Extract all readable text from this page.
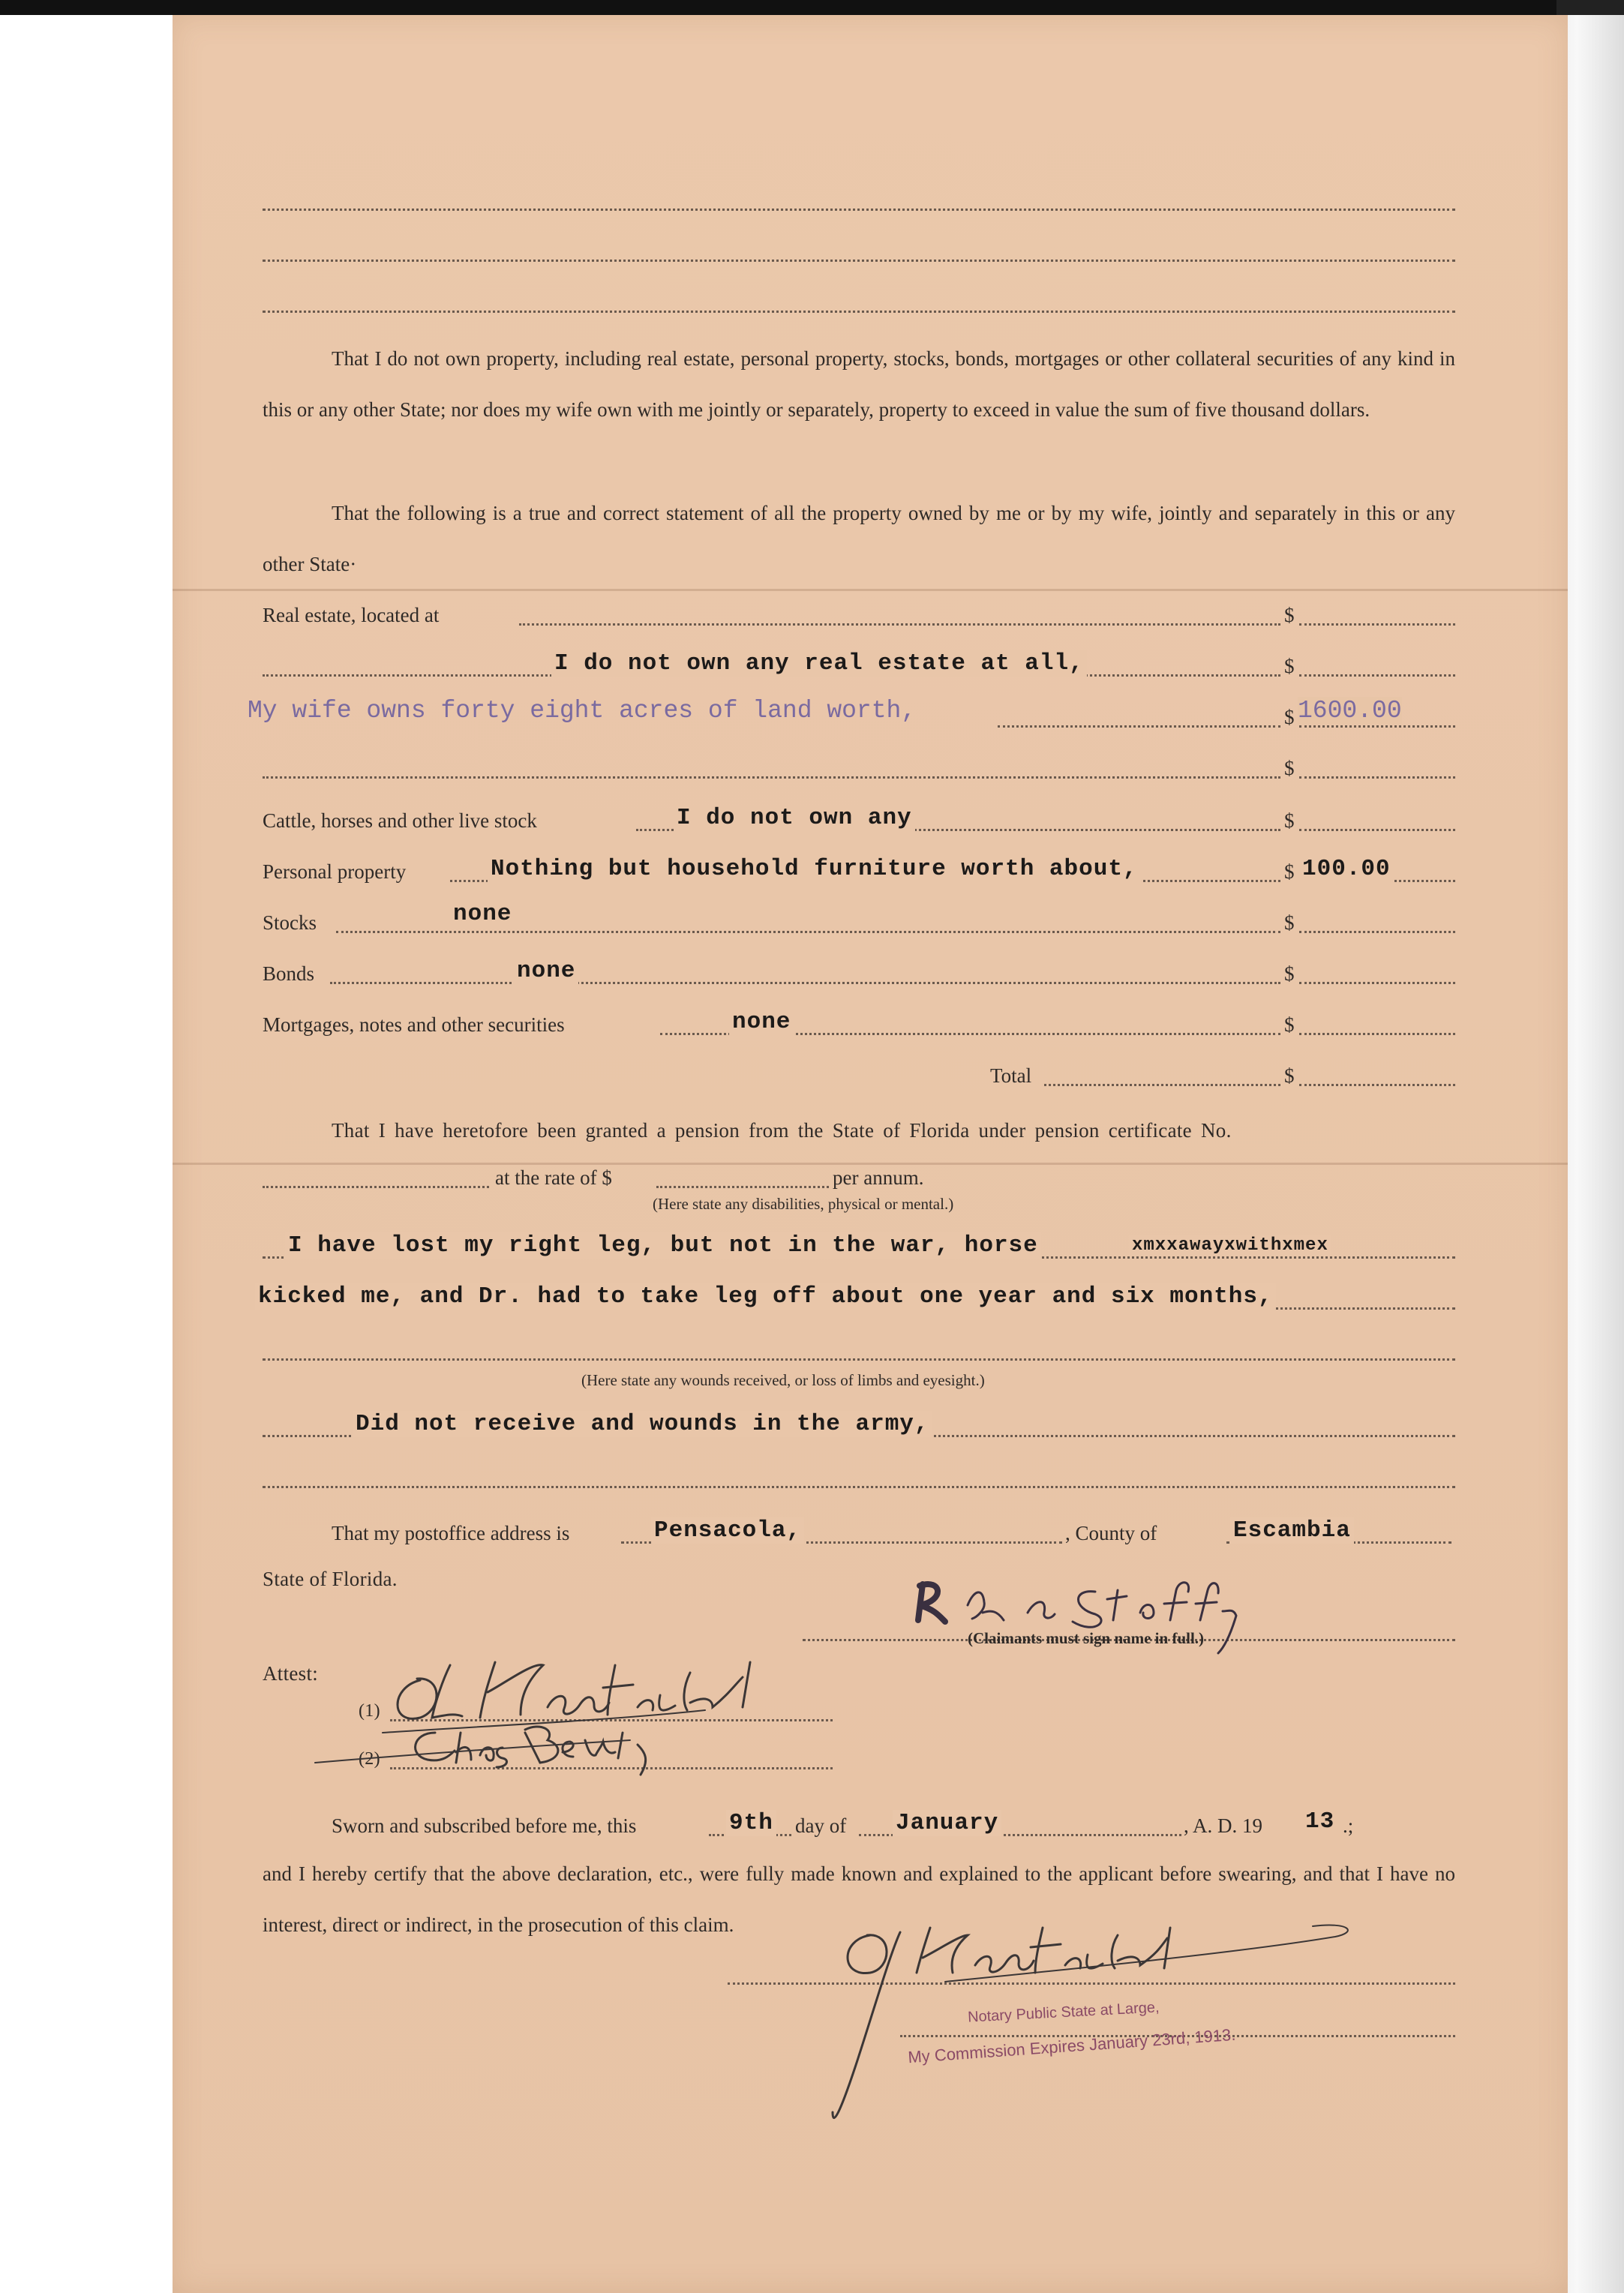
That I do not own property, including real estate, personal property, stocks, bonds, mortgages or other collateral securities of any kind in this or any other State; nor does my wife own with me jointly or separately, property to exceed in value the sum of five thousand dollars.
That the following is a true and correct statement of all the property owned by me or by my wife, jointly and separately in this or any other State·
Real estate, located at	$
I do not own any real estate at all,	$
My wife owns forty eight acres of land worth,	$ 1600.00
$
Cattle, horses and other live stock	I do not own any	$
Personal property	Nothing but household furniture worth about,	$ 100.00
Stocks	none	$
Bonds	none	$
Mortgages, notes and other securities	none	$
Total	$
That I have heretofore been granted a pension from the State of Florida under pension certificate No.
at the rate of $	per annum.
(Here state any disabilities, physical or mental.)
I have lost my right leg, but not in the war, horse	xmxxawayxwithxmex
kicked me, and Dr. had to take leg off about one year and six months,
(Here state any wounds received, or loss of limbs and eyesight.)
Did not receive and wounds in the army,
That my postoffice address is	Pensacola,	, County of	Escambia
State of Florida.
(Claimants must sign name in full.)
Attest:
(1)
(2)
Sworn and subscribed before me, this	9th day of January	, A. D. 19 13 .;
and I hereby certify that the above declaration, etc., were fully made known and explained to the applicant before swearing, and that I have no interest, direct or indirect, in the prosecution of this claim.
Notary Public State at Large,
My Commission Expires January 23rd, 1913.
